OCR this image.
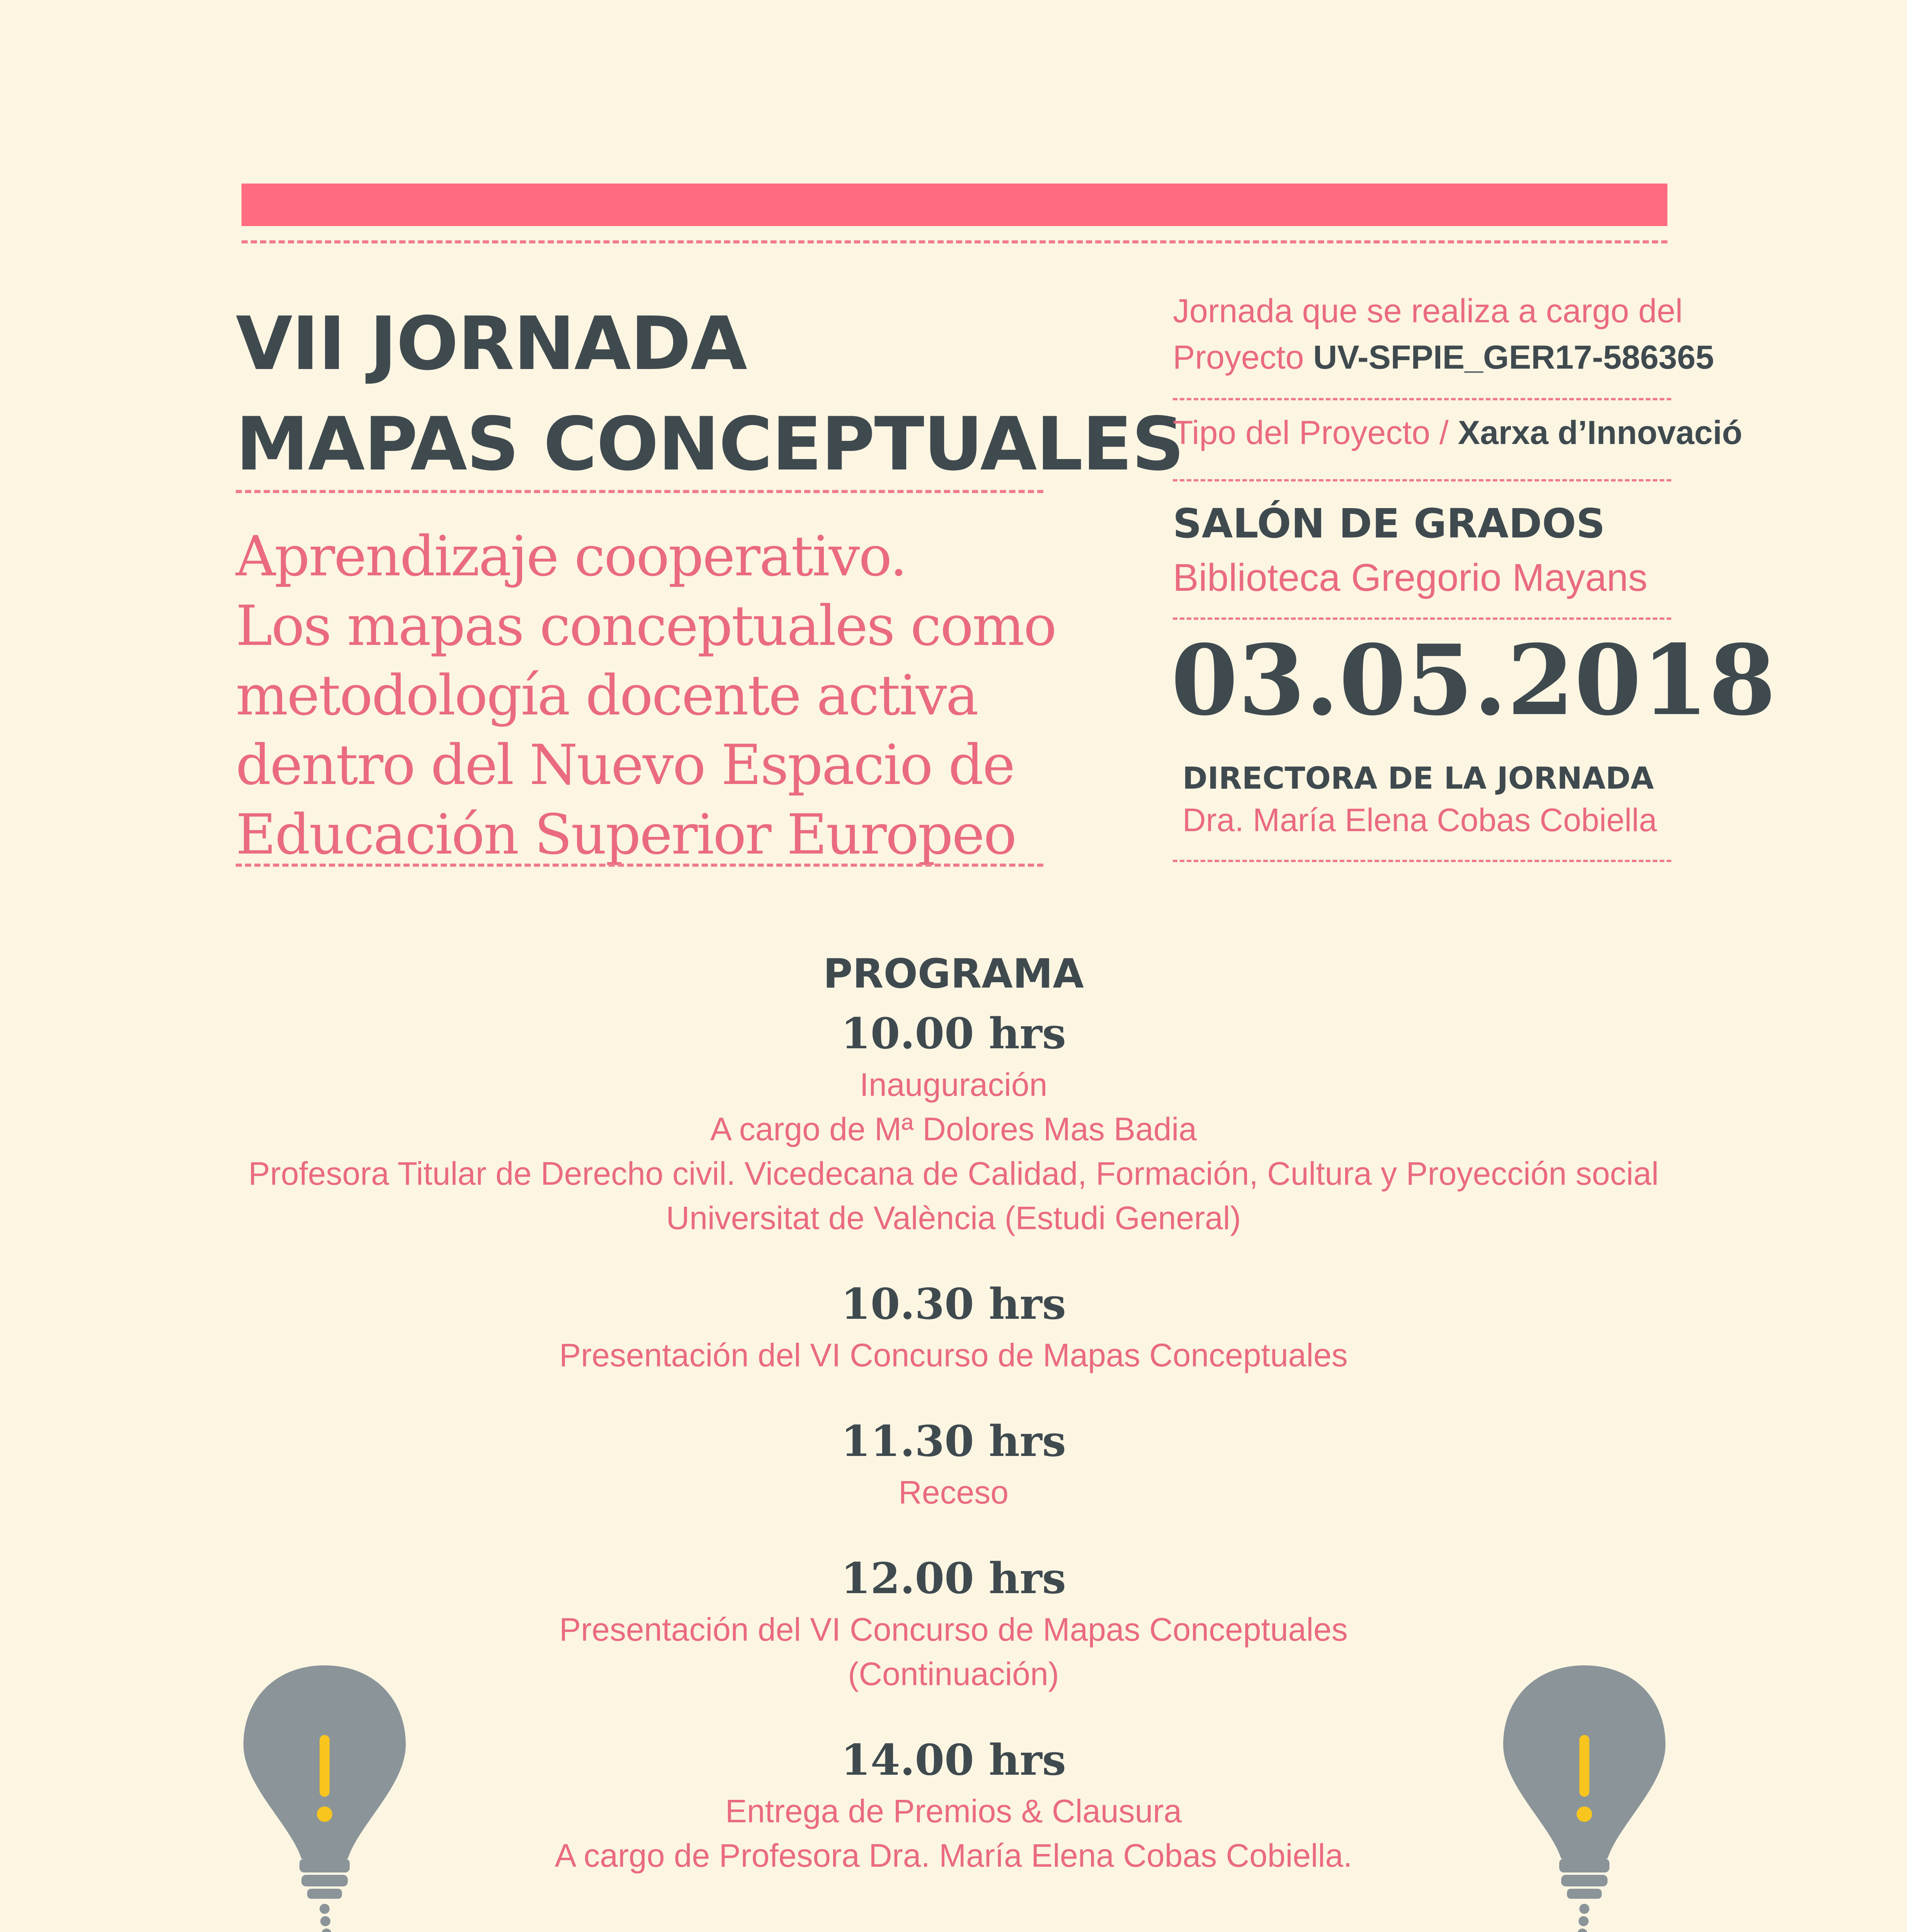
VII JORNADA
MAPAS CONCEPTUALES
Aprendizaje cooperativo.
Los mapas conceptuales como
metodología docente activa
dentro del Nuevo Espacio de
Educación Superior Europeo
Jornada que se realiza a cargo del
Proyecto UV-SFPIE_GER17-586365
Tipo del Proyecto / Xarxa d’Innovació
SALÓN DE GRADOS
Biblioteca Gregorio Mayans
03.05.2018
DIRECTORA DE LA JORNADA
Dra. María Elena Cobas Cobiella
PROGRAMA
10.00 hrs
Inauguración
A cargo de Mª Dolores Mas Badia
Profesora Titular de Derecho civil. Vicedecana de Calidad, Formación, Cultura y Proyección social
Universitat de València (Estudi General)
10.30 hrs
Presentación del VI Concurso de Mapas Conceptuales
11.30 hrs
Receso
12.00 hrs
Presentación del VI Concurso de Mapas Conceptuales
(Continuación)
14.00 hrs
Entrega de Premios & Clausura
A cargo de Profesora Dra. María Elena Cobas Cobiella.
